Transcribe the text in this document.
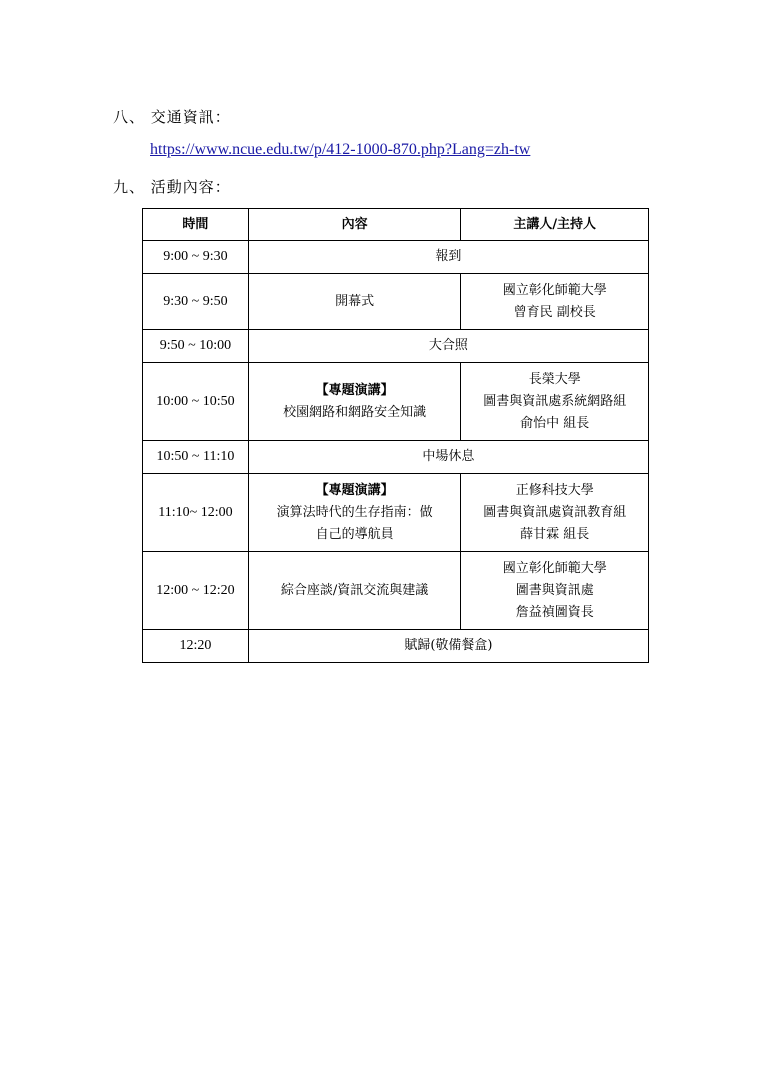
八、 交通資訊：
https://www.ncue.edu.tw/p/412-1000-870.php?Lang=zh-tw
九、 活動內容：
時間	內容	主講人/主持人
9:00 ~ 9:30	報到	

9:30 ~ 9:50	開幕式	國立彰化師範大學
曾育民 副校長

9:50 ~ 10:00	大合照	

10:00 ~ 10:50	【專題演講】
校園網路和網路安全知識	長榮大學
圖書與資訊處系統網路組
俞怡中 組長

10:50 ~ 11:10	中場休息	

11:10~ 12:00	【專題演講】
演算法時代的生存指南：做
自己的導航員	正修科技大學
圖書與資訊處資訊教育組
薛甘霖 組長

12:00 ~ 12:20	綜合座談/資訊交流與建議	國立彰化師範大學
圖書與資訊處
詹益禎圖資長

12:20	賦歸(敬備餐盒)	
